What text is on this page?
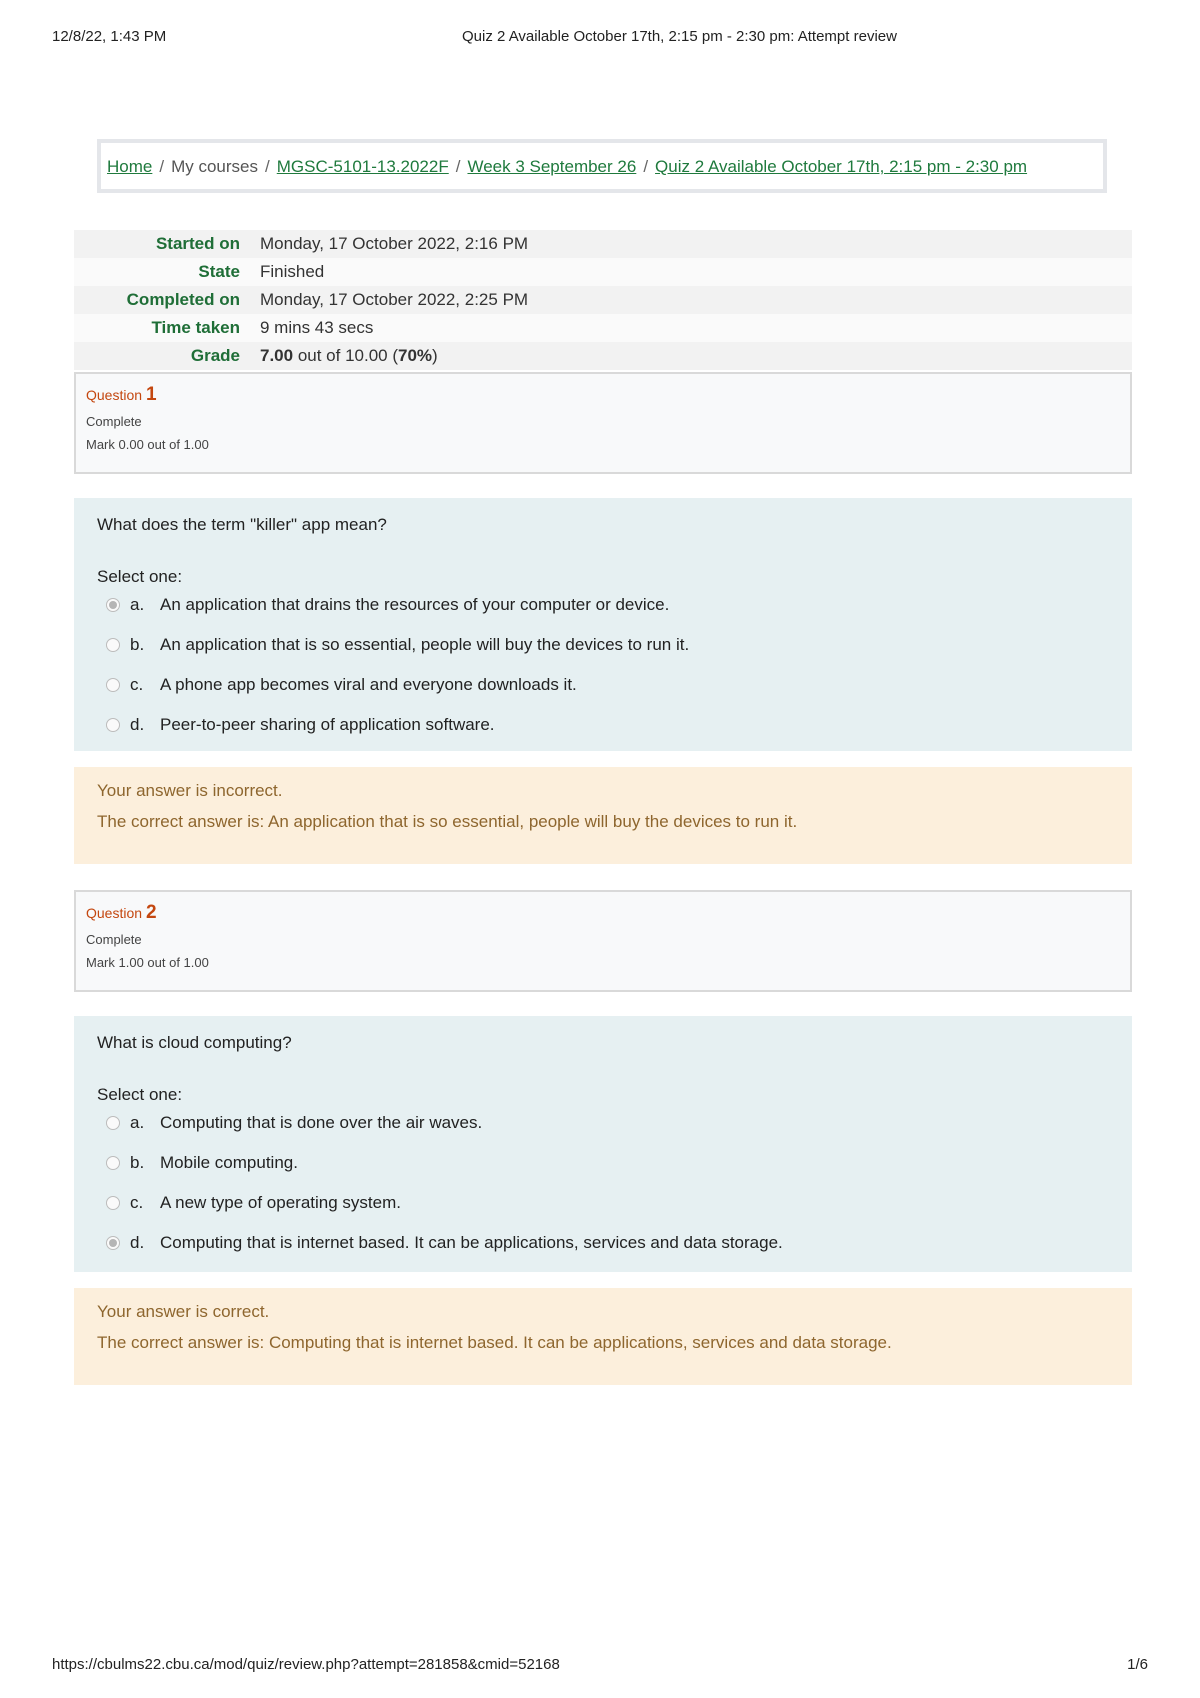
12/8/22, 1:43 PM	Quiz 2 Available October 17th, 2:15 pm - 2:30 pm: Attempt review
Home / My courses / MGSC-5101-13.2022F / Week 3 September 26 / Quiz 2 Available October 17th, 2:15 pm - 2:30 pm
Started on	Monday, 17 October 2022, 2:16 PM
State	Finished
Completed on	Monday, 17 October 2022, 2:25 PM
Time taken	9 mins 43 secs
Grade	7.00 out of 10.00 (70%)
Question 1
Complete
Mark 0.00 out of 1.00
What does the term "killer" app mean?
Select one:
a. An application that drains the resources of your computer or device.
b. An application that is so essential, people will buy the devices to run it.
c. A phone app becomes viral and everyone downloads it.
d. Peer-to-peer sharing of application software.
Your answer is incorrect.
The correct answer is: An application that is so essential, people will buy the devices to run it.
Question 2
Complete
Mark 1.00 out of 1.00
What is cloud computing?
Select one:
a. Computing that is done over the air waves.
b. Mobile computing.
c. A new type of operating system.
d. Computing that is internet based. It can be applications, services and data storage.
Your answer is correct.
The correct answer is: Computing that is internet based. It can be applications, services and data storage.
https://cbulms22.cbu.ca/mod/quiz/review.php?attempt=281858&cmid=52168	1/6
